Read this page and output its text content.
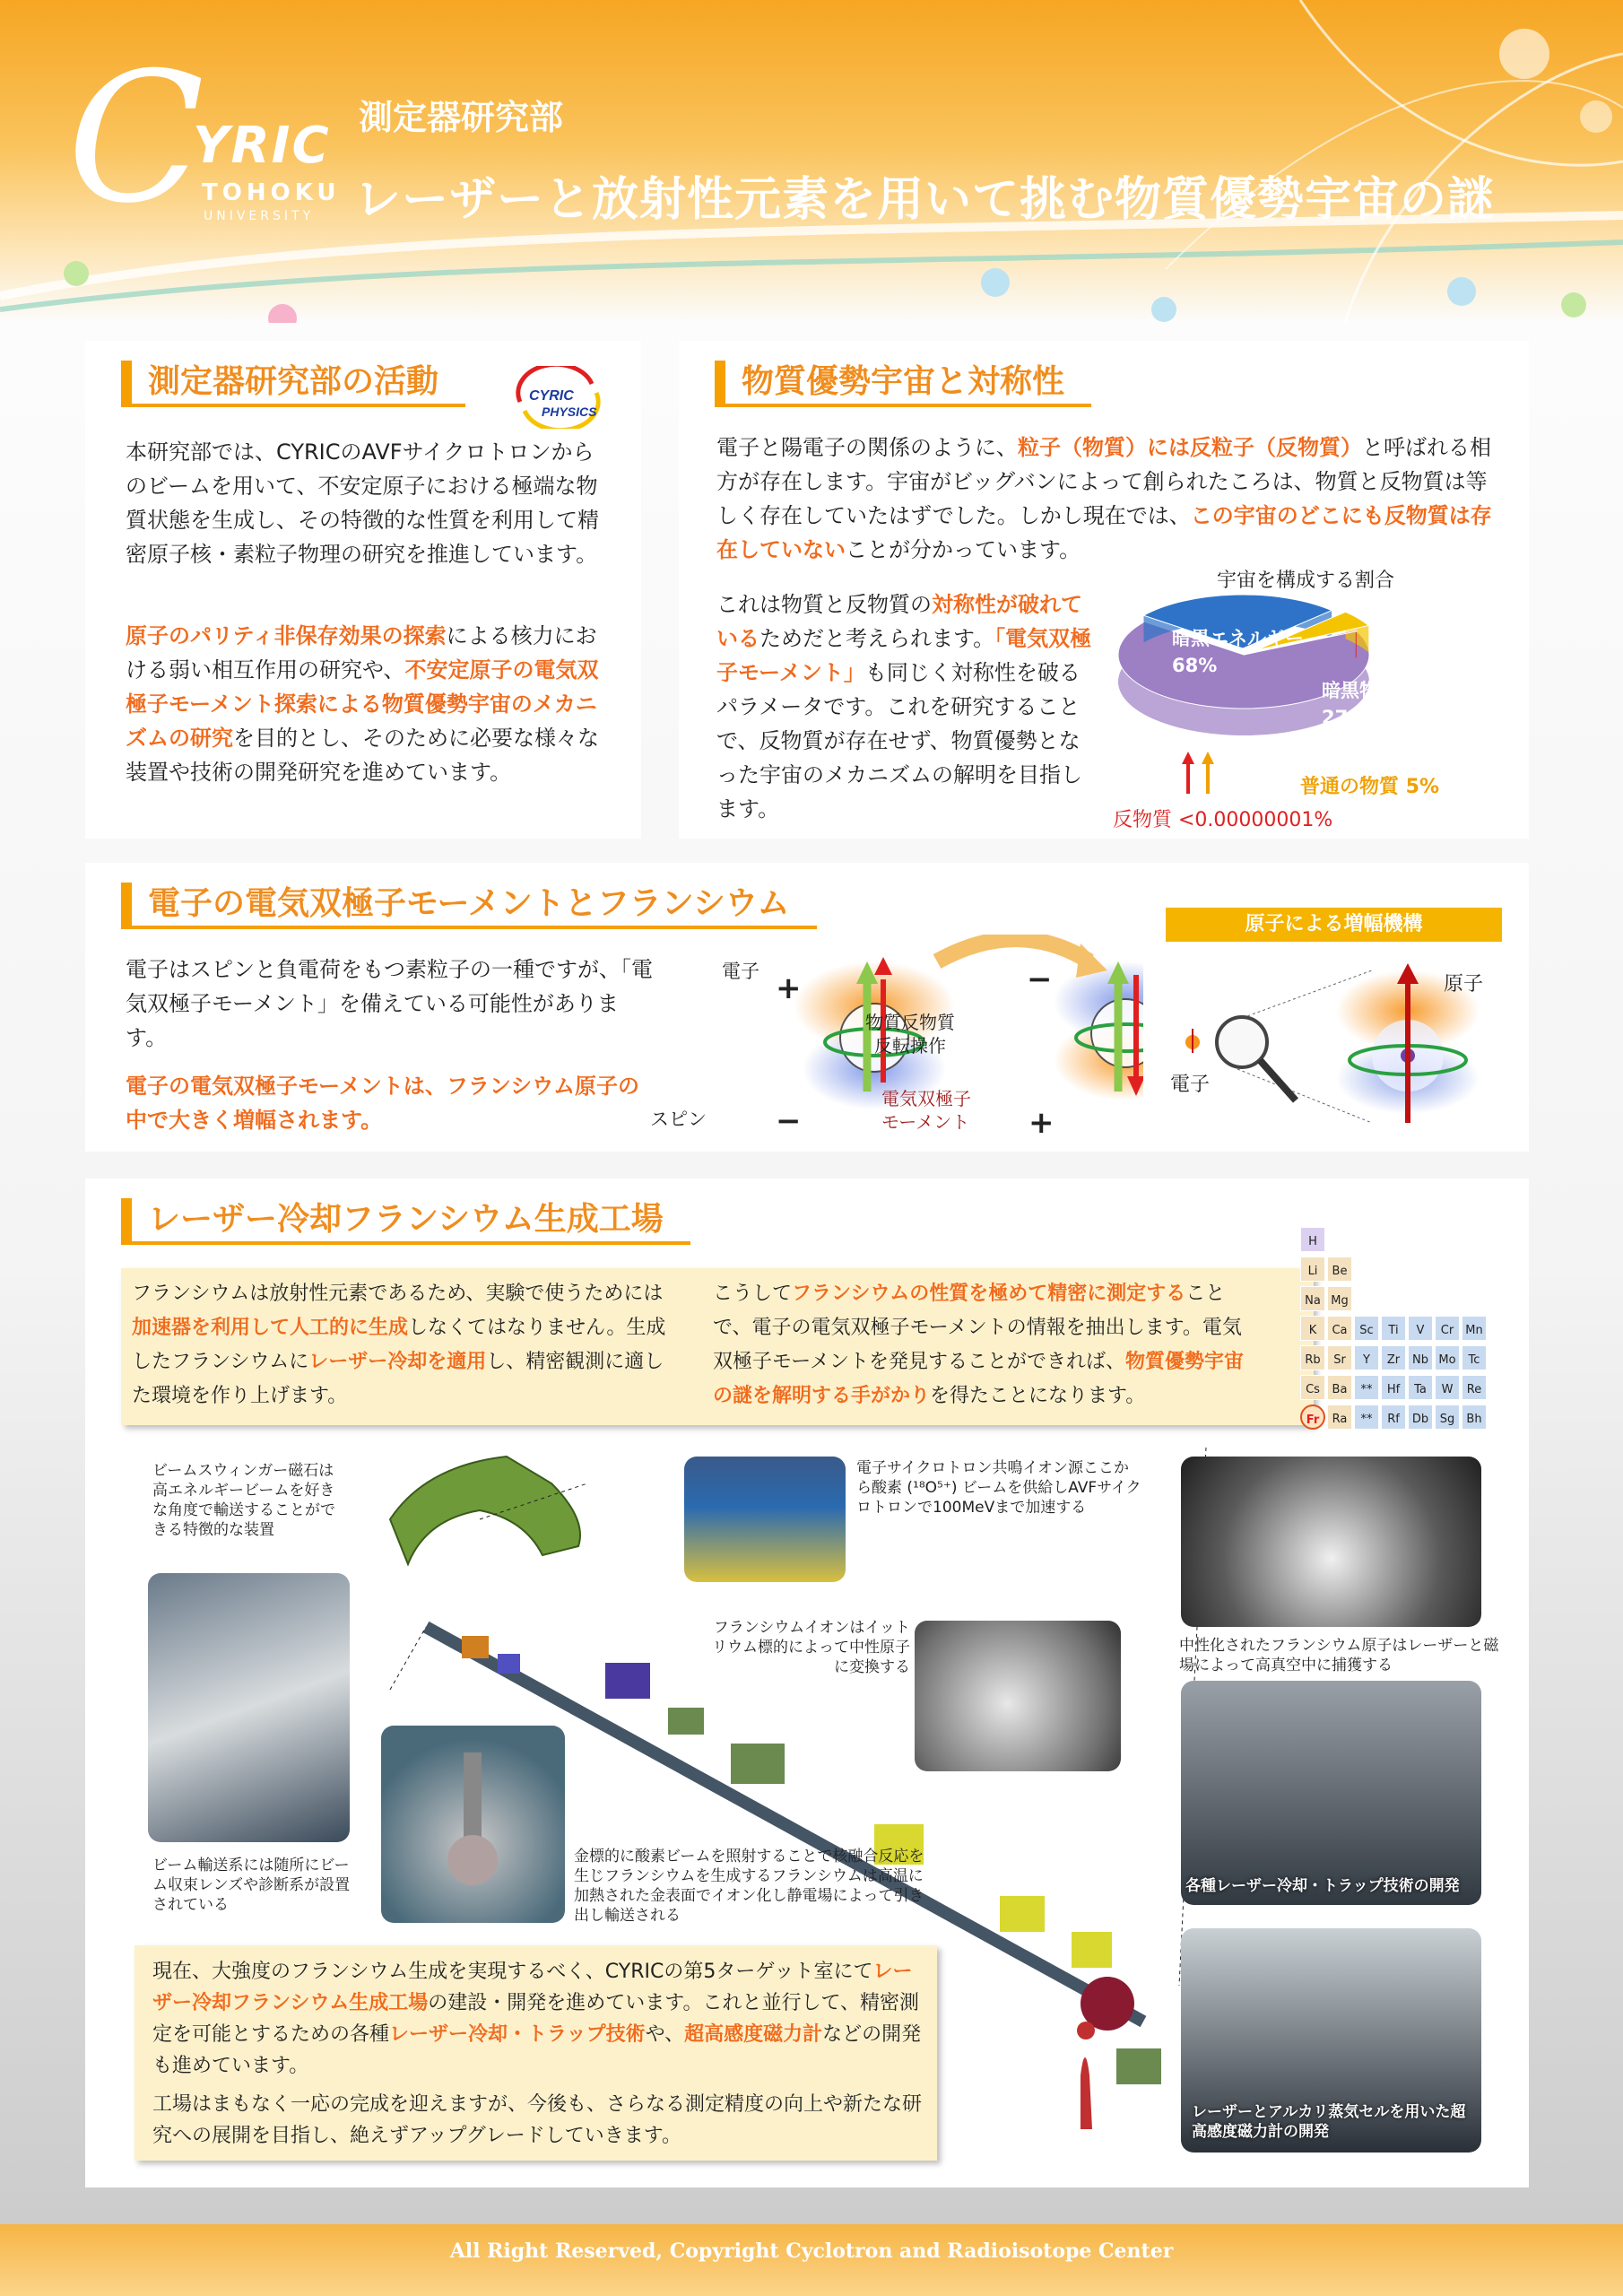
C
YRIC
TOHOKU
UNIVERSITY
測定器研究部
レーザーと放射性元素を用いて挑む物質優勢宇宙の謎
測定器研究部の活動	CYRIC
PHYSICS
本研究部では、CYRICのAVFサイクロトロンからのビームを用いて、不安定原子における極端な物質状態を生成し、その特徴的な性質を利用して精密原子核・素粒子物理の研究を推進しています。
原子のパリティ非保存効果の探索による核力における弱い相互作用の研究や、不安定原子の電気双極子モーメント探索による物質優勢宇宙のメカニズムの研究を目的とし、そのために必要な様々な装置や技術の開発研究を進めています。
物質優勢宇宙と対称性
電子と陽電子の関係のように、粒子（物質）には反粒子（反物質）と呼ばれる相方が存在します。宇宙がビッグバンによって創られたころは、物質と反物質は等しく存在していたはずでした。しかし現在では、この宇宙のどこにも反物質は存在していないことが分かっています。
これは物質と反物質の対称性が破れているためだと考えられます。「電気双極子モーメント」も同じく対称性を破るパラメータです。これを研究することで、反物質が存在せず、物質優勢となった宇宙のメカニズムの解明を目指します。
宇宙を構成する割合
暗黒エネルギー 68%
暗黒物質 27%
普通の物質 5%
反物質 <0.00000001%
電子の電気双極子モーメントとフランシウム
電子はスピンと負電荷をもつ素粒子の一種ですが、「電気双極子モーメント」を備えている可能性があります。
電子の電気双極子モーメントは、フランシウム原子の中で大きく増幅されます。
電子 +
−
−
+
スピン
物質反物質
反転操作
電気双極子
モーメント
原子による増幅機構
原子
電子
レーザー冷却フランシウム生成工場
フランシウムは放射性元素であるため、実験で使うためには加速器を利用して人工的に生成しなくてはなりません。生成したフランシウムにレーザー冷却を適用し、精密観測に適した環境を作り上げます。
こうしてフランシウムの性質を極めて精密に測定することで、電子の電気双極子モーメントの情報を抽出します。電気双極子モーメントを発見することができれば、物質優勢宇宙の謎を解明する手がかりを得たことになります。
ビームスウィンガー磁石は高エネルギービームを好きな角度で輸送することができる特徴的な装置
電子サイクロトロン共鳴イオン源ここから酸素 (¹⁸O⁵⁺) ビームを供給しAVFサイクロトロンで100MeVまで加速する
ビーム輸送系には随所にビーム収束レンズや診断系が設置されている
フランシウムイオンはイットリウム標的によって中性原子に変換する
中性化されたフランシウム原子はレーザーと磁場によって高真空中に捕獲する
金標的に酸素ビームを照射することで核融合反応を生じフランシウムを生成するフランシウムは高温に加熱された金表面でイオン化し静電場によって引き出し輸送される
各種レーザー冷却・トラップ技術の開発
レーザーとアルカリ蒸気セルを用いた超高感度磁力計の開発
現在、大強度のフランシウム生成を実現するべく、CYRICの第5ターゲット室にてレーザー冷却フランシウム生成工場の建設・開発を進めています。これと並行して、精密測定を可能とするための各種レーザー冷却・トラップ技術や、超高感度磁力計などの開発も進めています。
工場はまもなく一応の完成を迎えますが、今後も、さらなる測定精度の向上や新たな研究への展開を目指し、絶えずアップグレードしていきます。
H
Li	Be
Na Mg
K	Ca	Sc	Ti	V	Cr	Mn
Rb	Sr	Y	Zr	Nb Mo	Tc
Cs	Ba	**	Hf	Ta	W	Re
Fr	Ra	**	Rf	Db Sg	Bh
All Right Reserved, Copyright Cyclotron and Radioisotope Center
